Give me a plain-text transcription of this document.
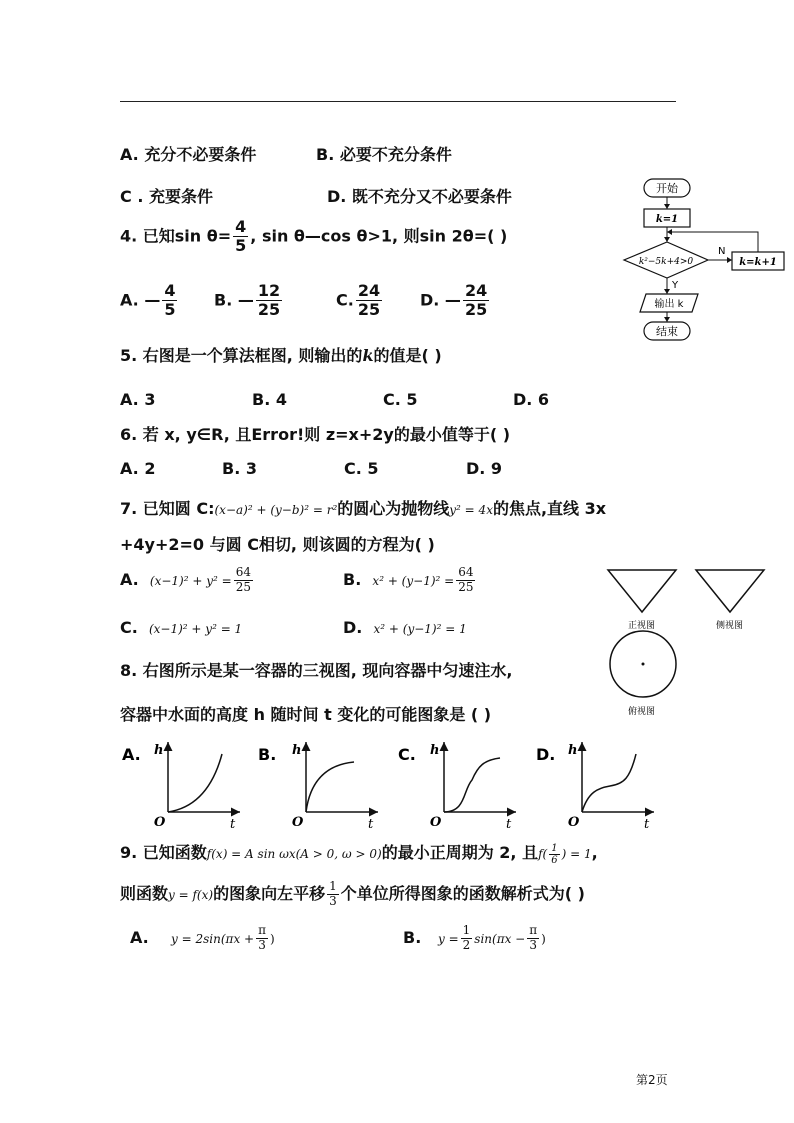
A. 充分不必要条件	B. 必要不充分条件
C . 充要条件	D. 既不充分又不必要条件
4. 已知$\sin \theta= \frac{4}{5}$ , sin θ—cos θ>1, 则sin 2θ=( )
A. — $\frac{4}{5} B$. — $\frac{12}{25}$	C. $\frac{24}{25} D$. — $\frac{24}{25}$
5. 右图是一个算法框图, 则输出的k的值是( )
A. 3	B. 4	C. 5	D. 6
6. 若 x, y∈R, 且Error!则 z=x+2y的最小值等于( )
A. 2	B. 3	C. 5	D. 9
7. 已知圆 C:(x−a)² + (y−b)² = r²的圆心为抛物线y² = 4x的焦点,直线 3x
+4y+2=0 与圆 C相切, 则该圆的方程为( )
A. $(x-1)^2 + y^2 = \frac{64}{25}$	B. $x^2 + (y-1)^2 = \frac{64}{25}$
C. (x−1)² + y² = 1	D. x² + (y−1)² = 1
8. 右图所示是某一容器的三视图, 现向容器中匀速注水,
容器中水面的高度 h 随时间 t 变化的可能图象是 ( )
A. h
O	t
B. h
O	t
C. h
O	t
D. h
O	t
正视图	侧视图
俯视图
开始
k=1
k²−5k+4>0
N
k=k+1
Y
输出 k
结束
9. 已知函数f(x) = A sin ωx(A > 0, ω > 0)的最小正周期为 2, 且$f( \frac{1}{6}$ ) = 1,
则函数y = f(x)的图象向左平移 $\frac{1}{3}$ 个单位所得图象的函数解析式为( )
A. $y = 2\sin(\pi x + \frac{\pi}{3}$ )	B. $y = \frac{1}{2} \sin(\pi x - \frac{\pi}{3}$ )
第2页
